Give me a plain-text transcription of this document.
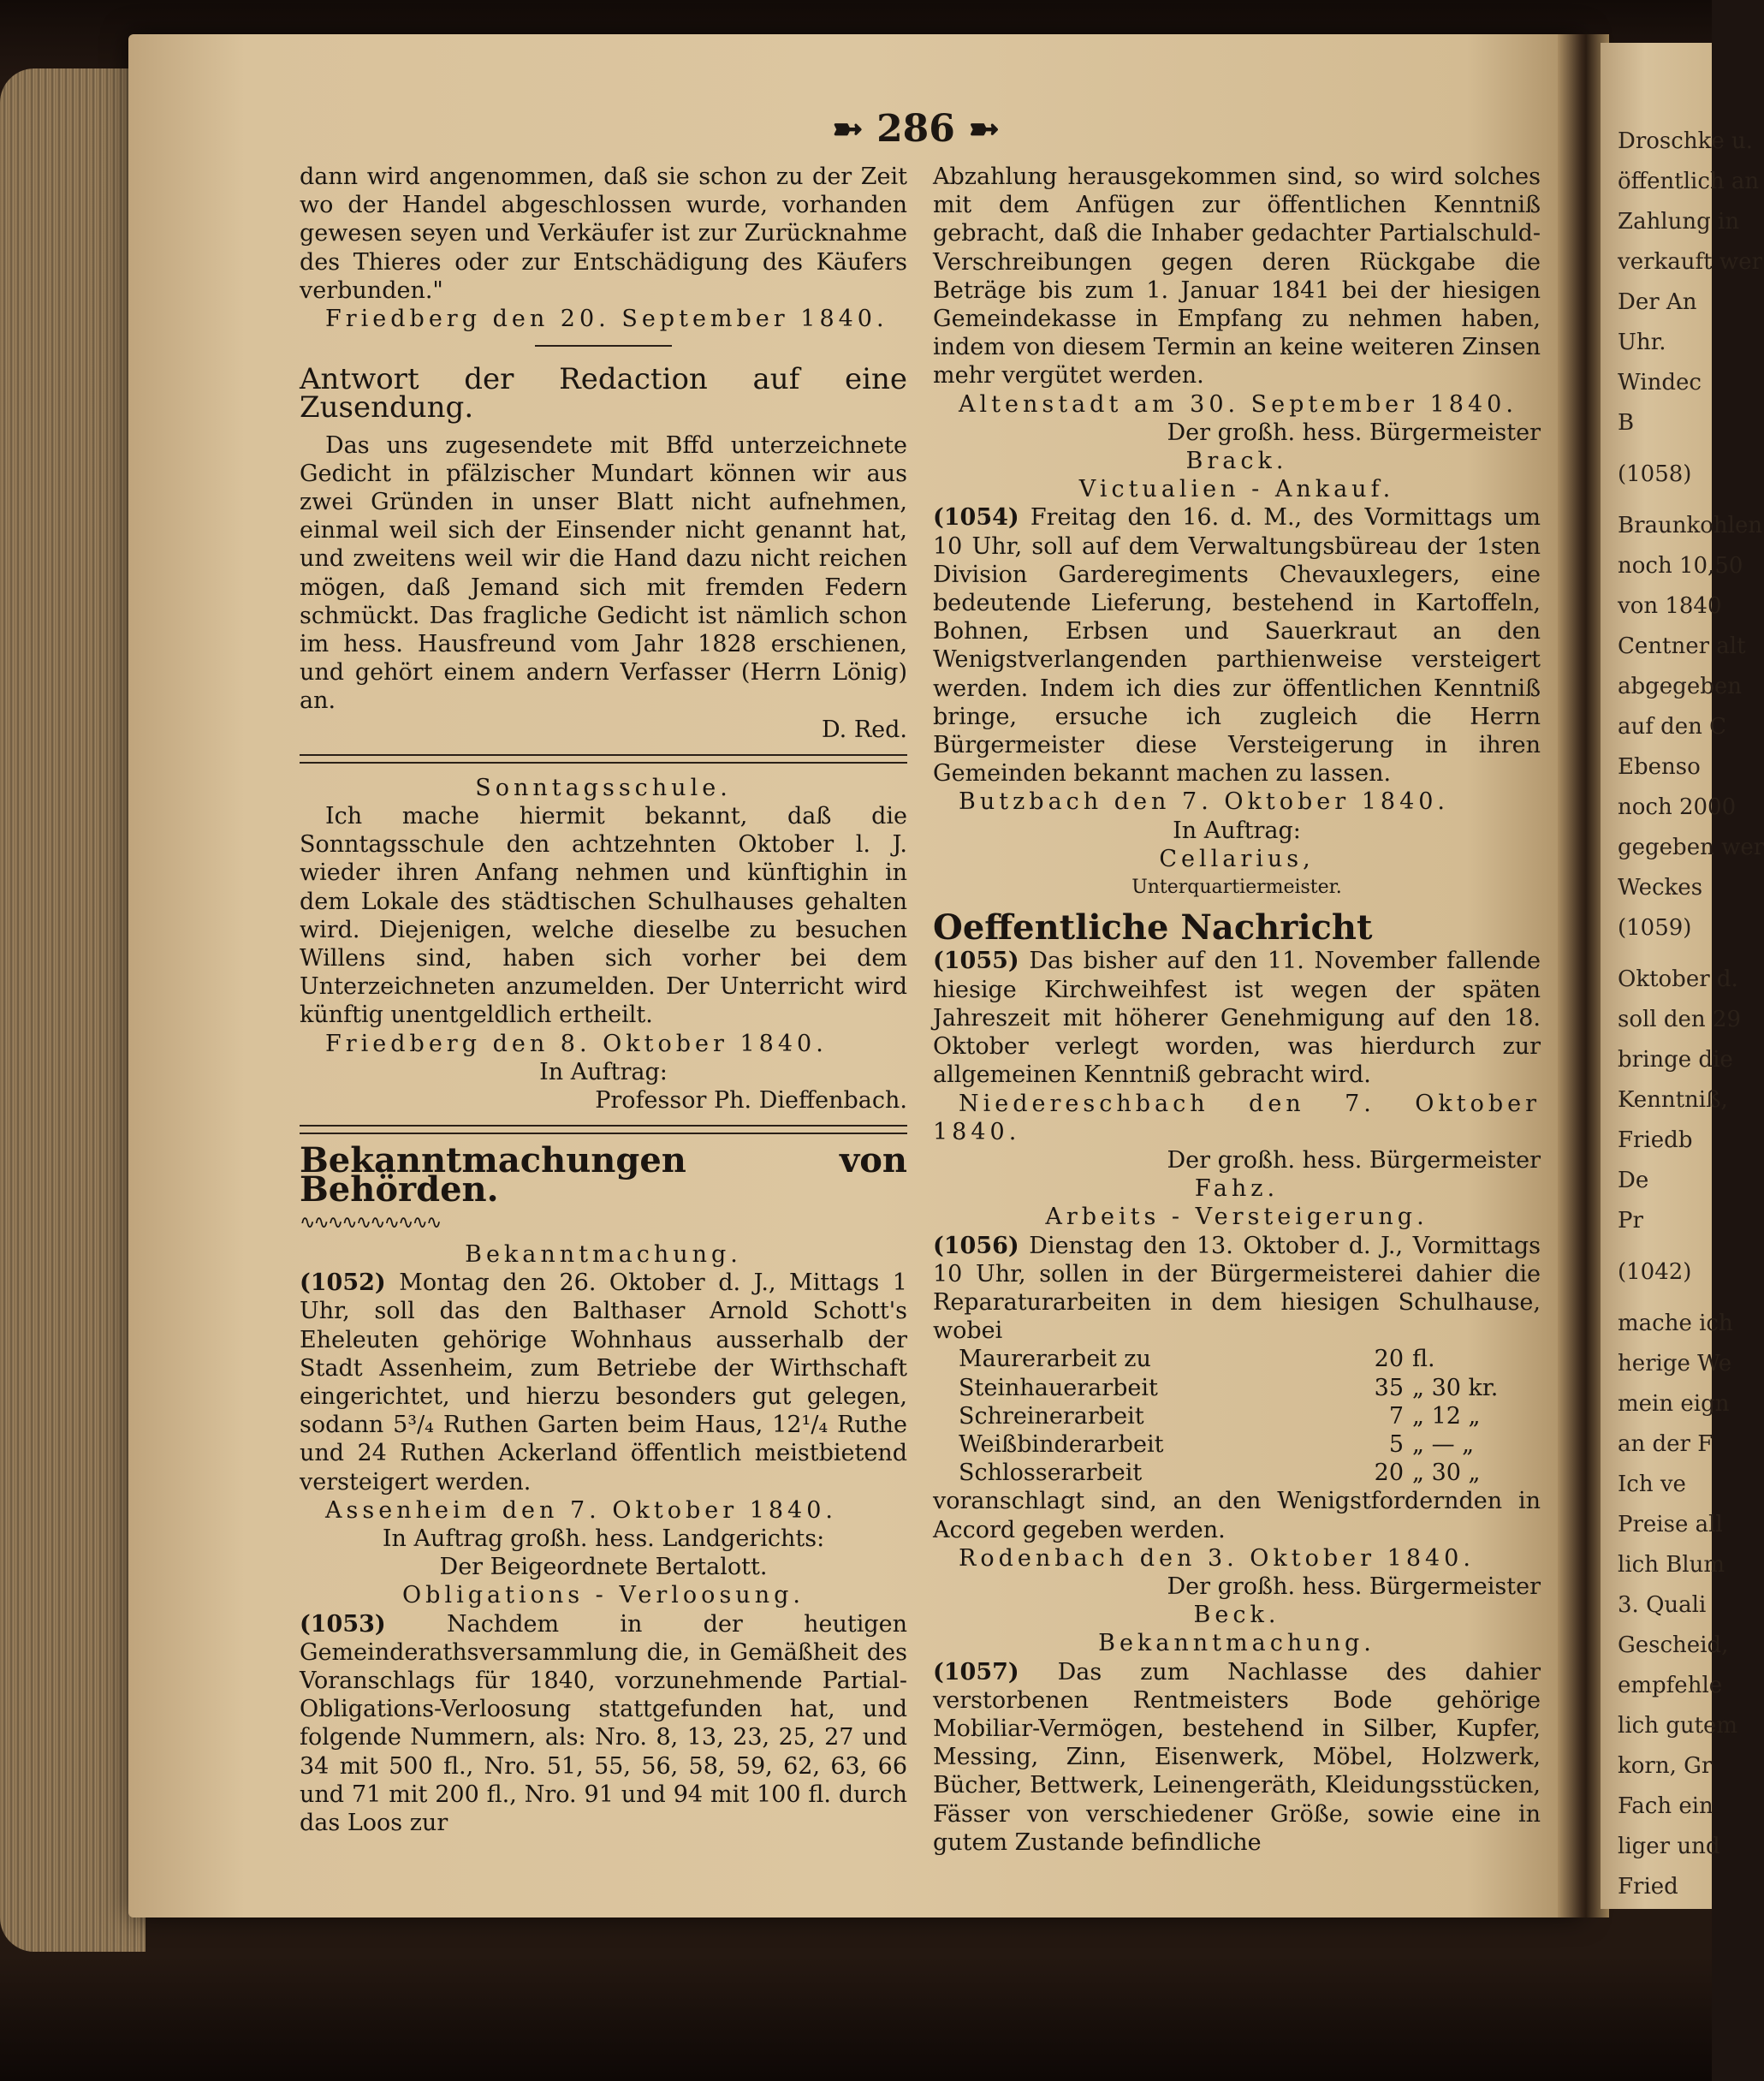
Droschke u.
öffentlich an
Zahlung in
verkauft wer
Der An
Uhr.
Windec
B
(1058)
Braunkohlen
noch 10,50
von 1840
Centner alt
abgegeben
auf den C
Ebenso
noch 2000
gegeben wer
Weckes
(1059)
Oktober d.
soll den 29
bringe die
Kenntniß,
Friedb
De
Pr
(1042)
mache ich
herige We
mein eign
an der F
Ich ve
Preise all
lich Blum
3. Quali
Gescheid,
empfehle
lich gutem
korn, Gr
Fach ein
liger und
Fried
➼ 286 ➼

dann wird angenommen, daß sie schon zu der Zeit wo der Handel abgeschlossen wurde, vorhanden gewesen seyen und Verkäufer ist zur Zurücknahme des Thieres oder zur Entschädigung des Käufers verbunden."

Friedberg den 20. September 1840.

Antwort der Redaction auf eine Zusendung.

Das uns zugesendete mit Bffd unterzeichnete Gedicht in pfälzischer Mundart können wir aus zwei Gründen in unser Blatt nicht aufnehmen, einmal weil sich der Einsender nicht genannt hat, und zweitens weil wir die Hand dazu nicht reichen mögen, daß Jemand sich mit fremden Federn schmückt. Das fragliche Gedicht ist nämlich schon im hess. Hausfreund vom Jahr 1828 erschienen, und gehört einem andern Verfasser (Herrn Lönig) an.

D. Red.

Sonntagsschule.

Ich mache hiermit bekannt, daß die Sonntagsschule den achtzehnten Oktober l. J. wieder ihren Anfang nehmen und künftighin in dem Lokale des städtischen Schulhauses gehalten wird. Diejenigen, welche dieselbe zu besuchen Willens sind, haben sich vorher bei dem Unterzeichneten anzumelden. Der Unterricht wird künftig unentgeldlich ertheilt.

Friedberg den 8. Oktober 1840.

In Auftrag:

Professor Ph. Dieffenbach.

Bekanntmachungen von Behörden.

∿∿∿∿∿∿∿∿∿∿

Bekanntmachung.

(1052) Montag den 26. Oktober d. J., Mittags 1 Uhr, soll das den Balthaser Arnold Schott's Eheleuten gehörige Wohnhaus ausserhalb der Stadt Assenheim, zum Betriebe der Wirthschaft eingerichtet, und hierzu besonders gut gelegen, sodann 5³/₄ Ruthen Garten beim Haus, 12¹/₄ Ruthe und 24 Ruthen Ackerland öffentlich meistbietend versteigert werden.

Assenheim den 7. Oktober 1840.

In Auftrag großh. hess. Landgerichts:

Der Beigeordnete Bertalott.

Obligations - Verloosung.

(1053)	Nachdem in der heutigen Gemeinderathsversammlung die, in Gemäßheit des Voranschlags für 1840, vorzunehmende Partial-Obligations-Verloosung stattgefunden hat, und folgende Nummern, als: Nro. 8, 13, 23, 25, 27 und 34 mit 500 fl., Nro. 51, 55, 56, 58, 59, 62, 63, 66 und 71 mit 200 fl., Nro. 91 und 94 mit 100 fl. durch das Loos zur

Abzahlung herausgekommen sind, so wird solches mit dem Anfügen zur öffentlichen Kenntniß gebracht, daß die Inhaber gedachter Partialschuld-Verschreibungen gegen deren Rückgabe die Beträge bis zum 1. Januar 1841 bei der hiesigen Gemeindekasse in Empfang zu nehmen haben, indem von diesem Termin an keine weiteren Zinsen mehr vergütet werden.

Altenstadt am 30. September 1840.

Der großh. hess. Bürgermeister

Brack.

Victualien - Ankauf.

(1054) Freitag den 16. d. M., des Vormittags um 10 Uhr, soll auf dem Verwaltungsbüreau der 1sten Division Garderegiments Chevauxlegers, eine bedeutende Lieferung, bestehend in Kartoffeln, Bohnen, Erbsen und Sauerkraut an den Wenigstverlangenden parthienweise versteigert werden. Indem ich dies zur öffentlichen Kenntniß bringe, ersuche ich zugleich die Herrn Bürgermeister diese Versteigerung in ihren Gemeinden bekannt machen zu lassen.

Butzbach den 7. Oktober 1840.

In Auftrag:

Cellarius,

Unterquartiermeister.

Oeffentliche Nachricht

(1055) Das bisher auf den 11. November fallende hiesige Kirchweihfest ist wegen der späten Jahreszeit mit höherer Genehmigung auf den 18. Oktober verlegt worden, was hierdurch zur allgemeinen Kenntniß gebracht wird.

Niedereschbach den 7. Oktober 1840.

Der großh. hess. Bürgermeister

Fahz.

Arbeits - Versteigerung.

(1056) Dienstag den 13. Oktober d. J., Vormittags 10 Uhr, sollen in der Bürgermeisterei dahier die Reparaturarbeiten in dem hiesigen Schulhause, wobei

Maurerarbeit zu	20	fl.
Steinhauerarbeit	35	„ 30 kr.
Schreinerarbeit	7	„ 12 „
Weißbinderarbeit	5	„ — „
Schlosserarbeit	20	„ 30 „

voranschlagt sind, an den Wenigstfordernden in Accord gegeben werden.

Rodenbach den 3. Oktober 1840.

Der großh. hess. Bürgermeister

Beck.

Bekanntmachung.

(1057) Das zum Nachlasse des dahier verstorbenen Rentmeisters Bode gehörige Mobiliar-Vermögen, bestehend in Silber, Kupfer, Messing, Zinn, Eisenwerk, Möbel, Holzwerk, Bücher, Bettwerk, Leinengeräth, Kleidungsstücken, Fässer von verschiedener Größe, sowie eine in gutem Zustande befindliche
